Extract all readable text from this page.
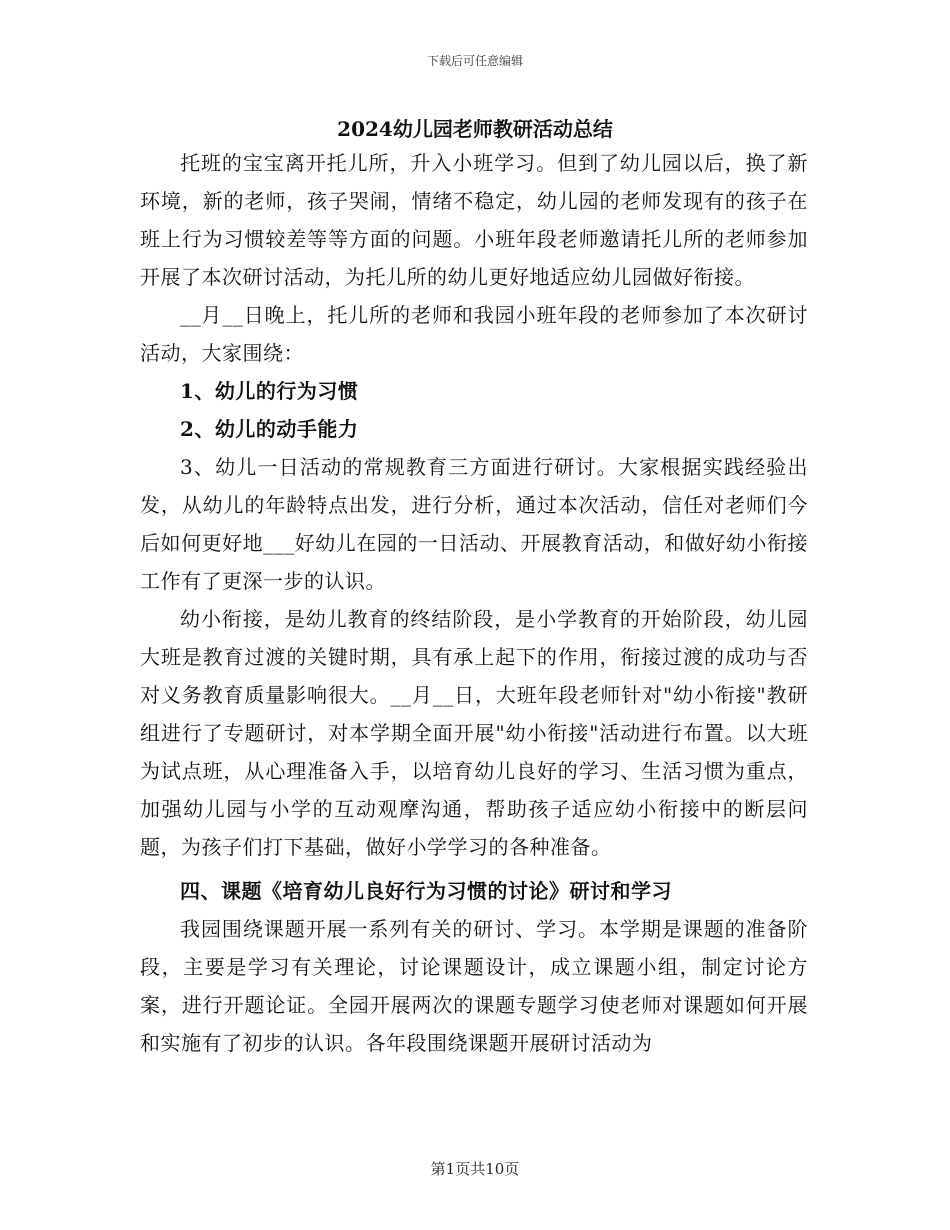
下载后可任意编辑
2024幼儿园老师教研活动总结

托班的宝宝离开托儿所，升入小班学习。但到了幼儿园以后，换了新环境，新的老师，孩子哭闹，情绪不稳定，幼儿园的老师发现有的孩子在班上行为习惯较差等等方面的问题。小班年段老师邀请托儿所的老师参加开展了本次研讨活动，为托儿所的幼儿更好地适应幼儿园做好衔接。

__月__日晚上，托儿所的老师和我园小班年段的老师参加了本次研讨活动，大家围绕：

1、幼儿的行为习惯

2、幼儿的动手能力

3、幼儿一日活动的常规教育三方面进行研讨。大家根据实践经验出发，从幼儿的年龄特点出发，进行分析，通过本次活动，信任对老师们今后如何更好地___好幼儿在园的一日活动、开展教育活动，和做好幼小衔接工作有了更深一步的认识。

幼小衔接，是幼儿教育的终结阶段，是小学教育的开始阶段，幼儿园大班是教育过渡的关键时期，具有承上起下的作用，衔接过渡的成功与否对义务教育质量影响很大。__月__日，大班年段老师针对"幼小衔接"教研组进行了专题研讨，对本学期全面开展"幼小衔接"活动进行布置。以大班为试点班，从心理准备入手，以培育幼儿良好的学习、生活习惯为重点，加强幼儿园与小学的互动观摩沟通，帮助孩子适应幼小衔接中的断层问题，为孩子们打下基础，做好小学学习的各种准备。

四、课题《培育幼儿良好行为习惯的讨论》研讨和学习

我园围绕课题开展一系列有关的研讨、学习。本学期是课题的准备阶段，主要是学习有关理论，讨论课题设计，成立课题小组，制定讨论方案，进行开题论证。全园开展两次的课题专题学习使老师对课题如何开展和实施有了初步的认识。各年段围绕课题开展研讨活动为

第1页共10页
